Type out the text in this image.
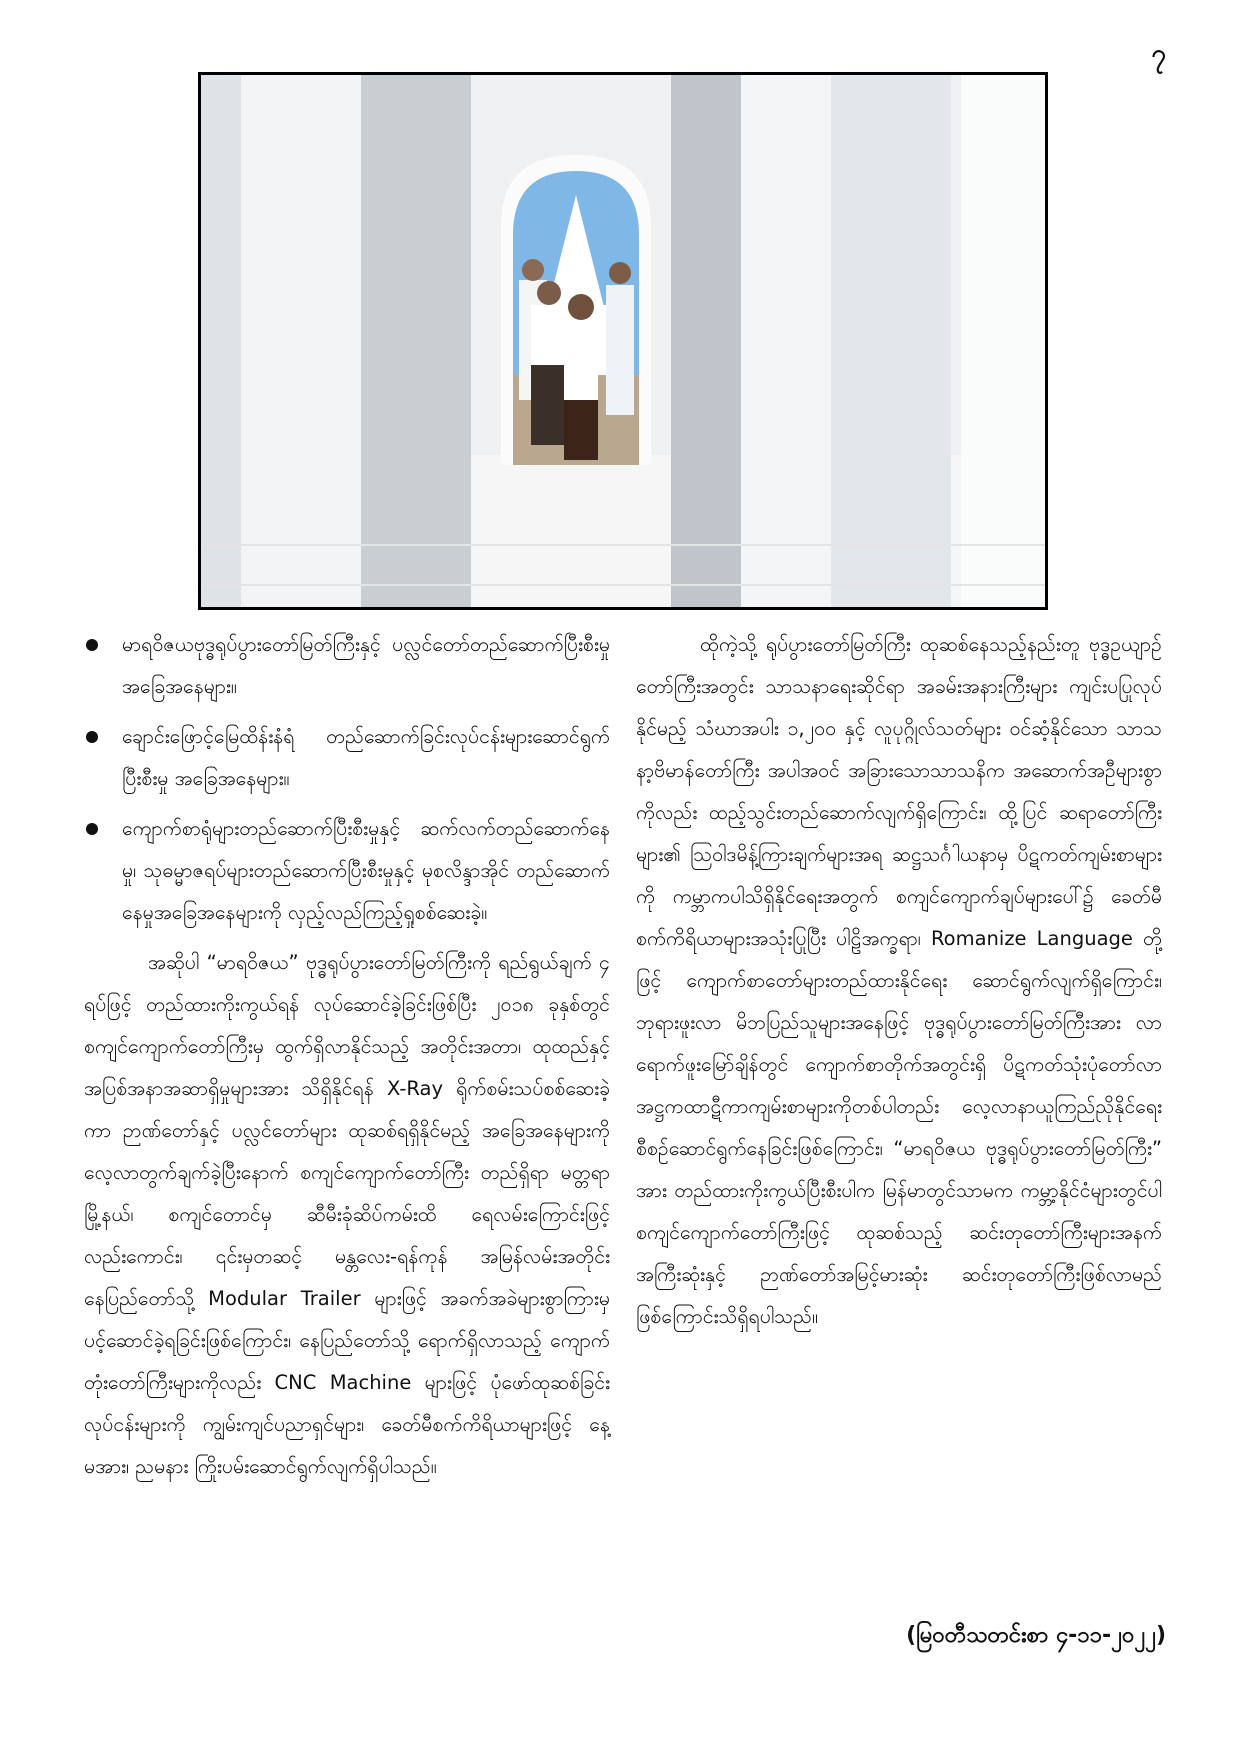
၇
မာရဝိဇယဗုဒ္ဓရုပ်ပွားတော်မြတ်ကြီးနှင့် ပလ္လင်တော်တည်ဆောက်ပြီးစီးမှု အခြေအနေများ။
ချောင်းဖြောင့်မြေထိန်းနံရံ တည်ဆောက်ခြင်းလုပ်ငန်းများဆောင်ရွက်ပြီးစီးမှု အခြေအနေများ။
ကျောက်စာရုံများတည်ဆောက်ပြီးစီးမှုနှင့် ဆက်လက်တည်ဆောက်နေမှု၊ သုဓမ္မာဇရပ်များတည်ဆောက်ပြီးစီးမှုနှင့် မုစလိန္ဒာအိုင် တည်ဆောက်နေမှုအခြေအနေများကို လှည့်လည်ကြည့်ရှုစစ်ဆေးခဲ့။

အဆိုပါ “မာရဝိဇယ” ဗုဒ္ဓရုပ်ပွားတော်မြတ်ကြီးကို ရည်ရွယ်ချက် ၄ ရပ်ဖြင့် တည်ထားကိုးကွယ်ရန် လုပ်ဆောင်ခဲ့ခြင်းဖြစ်ပြီး ၂၀၁၈ ခုနှစ်တွင် စကျင်ကျောက်တော်ကြီးမှ ထွက်ရှိလာနိုင်သည့် အတိုင်းအတာ၊ ထုထည်နှင့် အပြစ်အနာအဆာရှိမှုများအား သိရှိနိုင်ရန် X-Ray ရိုက်စမ်းသပ်စစ်ဆေးခဲ့ကာ ဉာဏ်တော်နှင့် ပလ္လင်တော်များ ထုဆစ်ရရှိနိုင်မည့် အခြေအနေများကို လေ့လာတွက်ချက်ခဲ့ပြီးနောက် စကျင်ကျောက်တော်ကြီး တည်ရှိရာ မတ္တရာမြို့နယ်၊ စကျင်တောင်မှ ဆီမီးခုံဆိပ်ကမ်းထိ ရေလမ်းကြောင်းဖြင့် လည်းကောင်း၊ ၎င်းမှတဆင့် မန္တလေး-ရန်ကုန် အမြန်လမ်းအတိုင်း နေပြည်တော်သို့ Modular Trailer များဖြင့် အခက်အခဲများစွာကြားမှ ပင့်ဆောင်ခဲ့ရခြင်းဖြစ်ကြောင်း၊ နေပြည်တော်သို့ ရောက်ရှိလာသည့် ကျောက်တုံးတော်ကြီးများကိုလည်း CNC Machine များဖြင့် ပုံဖော်ထုဆစ်ခြင်းလုပ်ငန်းများကို ကျွမ်းကျင်ပညာရှင်များ၊ ခေတ်မီစက်ကိရိယာများဖြင့် နေ့မအား၊ ညမနား ကြိုးပမ်းဆောင်ရွက်လျက်ရှိပါသည်။

ထိုကဲ့သို့ ရုပ်ပွားတော်မြတ်ကြီး ထုဆစ်နေသည့်နည်းတူ ဗုဒ္ဓဥယျာဉ်တော်ကြီးအတွင်း သာသနာရေးဆိုင်ရာ အခမ်းအနားကြီးများ ကျင်းပပြုလုပ်နိုင်မည့် သံဃာအပါး ၁,၂၀၀ နှင့် လူပုဂ္ဂိုလ်သတ်များ ဝင်ဆံ့နိုင်သော သာသနာ့ဗိမာန်တော်ကြီး အပါအဝင် အခြားသောသာသနိက အဆောက်အဦများစွာကိုလည်း ထည့်သွင်းတည်ဆောက်လျက်ရှိကြောင်း၊ ထို့ပြင် ဆရာတော်ကြီးများ၏ ဩဝါဒမိန့်ကြားချက်များအရ ဆဋ္ဌသင်္ဂါယနာမှ ပိဋကတ်ကျမ်းစာများကို ကမ္ဘာကပါသိရှိနိုင်ရေးအတွက် စကျင်ကျောက်ချပ်များပေါ်၌ ခေတ်မီစက်ကိရိယာများအသုံးပြုပြီး ပါဠိအက္ခရာ၊ Romanize Language တို့ဖြင့် ကျောက်စာတော်များတည်ထားနိုင်ရေး ဆောင်ရွက်လျက်ရှိကြောင်း၊ ဘုရားဖူးလာ မိဘပြည်သူများအနေဖြင့် ဗုဒ္ဓရုပ်ပွားတော်မြတ်ကြီးအား လာရောက်ဖူးမြော်ချိန်တွင် ကျောက်စာတိုက်အတွင်းရှိ ပိဋကတ်သုံးပုံတော်လာ အဋ္ဌကထာဋီကာကျမ်းစာများကိုတစ်ပါတည်း လေ့လာနာယူကြည်ညိုနိုင်ရေး စီစဉ်ဆောင်ရွက်နေခြင်းဖြစ်ကြောင်း၊ “မာရဝိဇယ ဗုဒ္ဓရုပ်ပွားတော်မြတ်ကြီး” အား တည်ထားကိုးကွယ်ပြီးစီးပါက မြန်မာတွင်သာမက ကမ္ဘာ့နိုင်ငံများတွင်ပါ စကျင်ကျောက်တော်ကြီးဖြင့် ထုဆစ်သည့် ဆင်းတုတော်ကြီးများအနက် အကြီးဆုံးနှင့် ဉာဏ်တော်အမြင့်မားဆုံး ဆင်းတုတော်ကြီးဖြစ်လာမည်ဖြစ်ကြောင်းသိရှိရပါသည်။

(မြဝတီသတင်းစာ ၄-၁၁-၂၀၂၂)
